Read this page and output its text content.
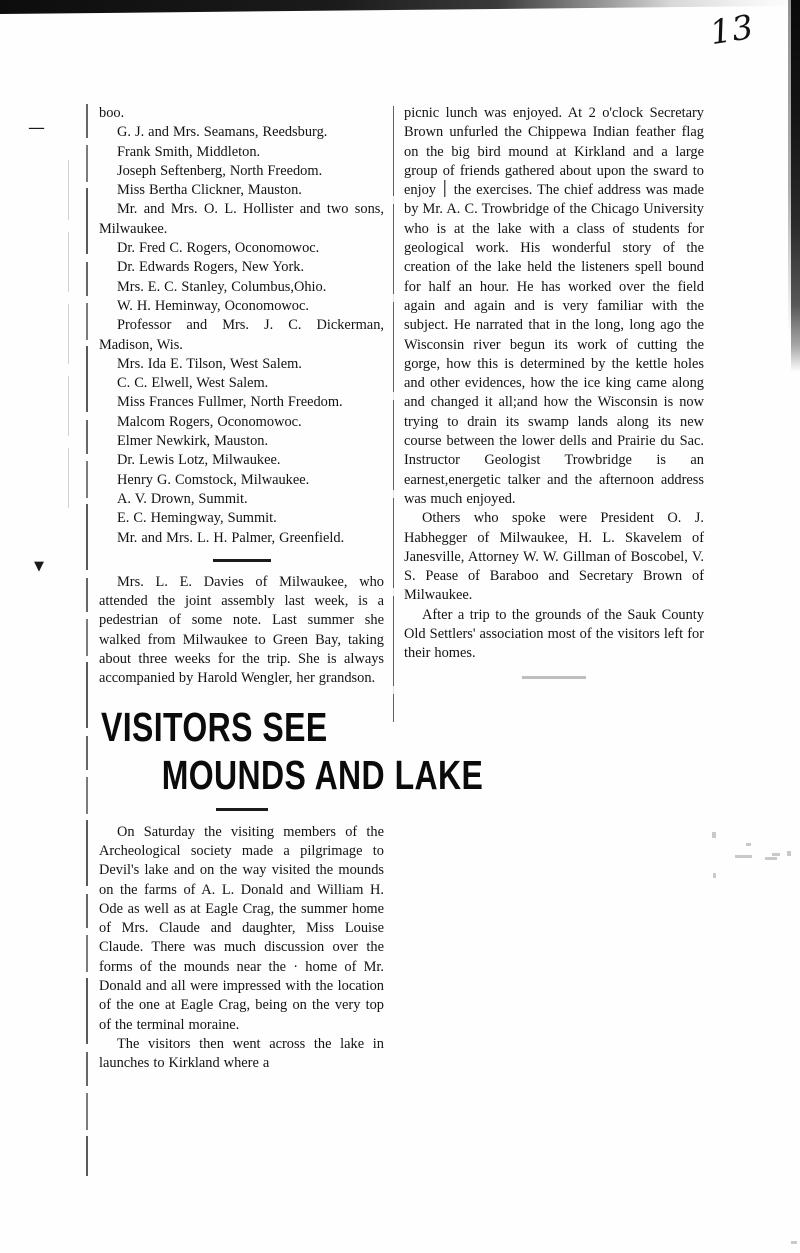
13
—
▼

boo.

G. J. and Mrs. Seamans, Reedsburg.

Frank Smith, Middleton.

Joseph Seftenberg, North Freedom.

Miss Bertha Clickner, Mauston.

Mr. and Mrs. O. L. Hollister and two sons, Milwaukee.

Dr. Fred C. Rogers, Oconomowoc.

Dr. Edwards Rogers, New York.

Mrs. E. C. Stanley, Columbus,Ohio.

W. H. Heminway, Oconomowoc.

Professor and Mrs. J. C. Dickerman, Madison, Wis.

Mrs. Ida E. Tilson, West Salem.

C. C. Elwell, West Salem.

Miss Frances Fullmer, North Freedom.

Malcom Rogers, Oconomowoc.

Elmer Newkirk, Mauston.

Dr. Lewis Lotz, Milwaukee.

Henry G. Comstock, Milwaukee.

A. V. Drown, Summit.

E. C. Hemingway, Summit.

Mr. and Mrs. L. H. Palmer, Greenfield.

Mrs. L. E. Davies of Milwaukee, who attended the joint assembly last week, is a pedestrian of some note. Last summer she walked from Milwaukee to Green Bay, taking about three weeks for the trip. She is always accompanied by Harold Wengler, her grandson.

VISITORS SEE
MOUNDS AND LAKE

On Saturday the visiting members of the Archeological society made a pilgrimage to Devil's lake and on the way visited the mounds on the farms of A. L. Donald and William H. Ode as well as at Eagle Crag, the summer home of Mrs. Claude and daughter, Miss Louise Claude. There was much discussion over the forms of the mounds near the · home of Mr. Donald and all were impressed with the location of the one at Eagle Crag, being on the very top of the terminal moraine.

The visitors then went across the lake in launches to Kirkland where a

picnic lunch was enjoyed. At 2 o'clock Secretary Brown unfurled the Chippewa Indian feather flag on the big bird mound at Kirkland and a large group of friends gathered about upon the sward to enjoy ׀ the exercises. The chief address was made by Mr. A. C. Trowbridge of the Chicago University who is at the lake with a class of students for geological work. His wonderful story of the creation of the lake held the listeners spell bound for half an hour. He has worked over the field again and again and is very familiar with the subject. He narrated that in the long, long ago the Wisconsin river begun its work of cutting the gorge, how this is determined by the kettle holes and other evidences, how the ice king came along and changed it all;and how the Wisconsin is now trying to drain its swamp lands along its new course between the lower dells and Prairie du Sac. Instructor Geologist Trowbridge is an earnest,energetic talker and the afternoon address was much enjoyed.

Others who spoke were President O. J. Habhegger of Milwaukee, H. L. Skavelem of Janesville, Attorney W. W. Gillman of Boscobel, V. S. Pease of Baraboo and Secretary Brown of Milwaukee.

After a trip to the grounds of the Sauk County Old Settlers' association most of the visitors left for their homes.
